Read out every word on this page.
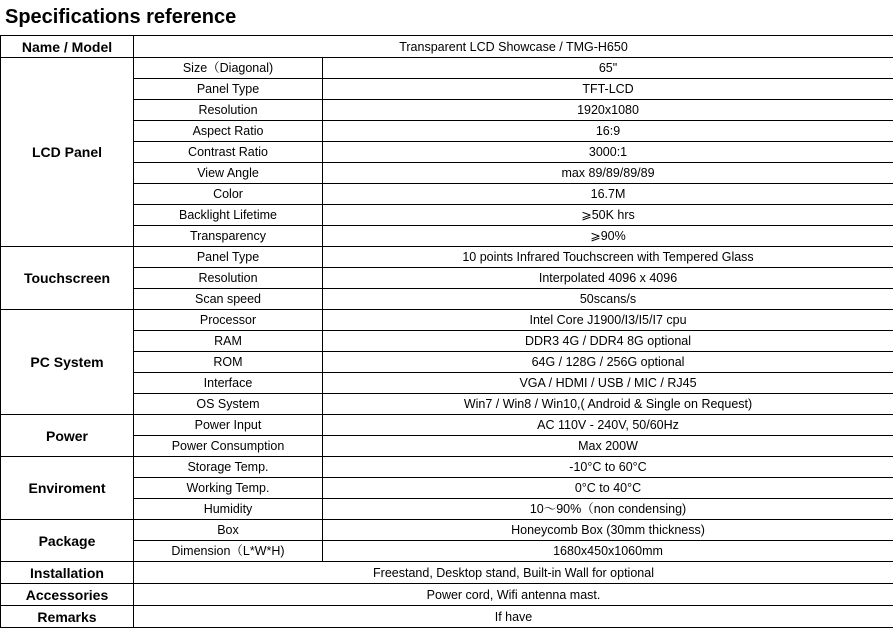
Specifications reference
Name / Model	Transparent LCD Showcase / TMG-H650	
LCD Panel	Size（Diagonal)	65"
	Panel Type	TFT-LCD
	Resolution	1920x1080
	Aspect Ratio	16:9
	Contrast Ratio	3000:1
	View Angle	max 89/89/89/89
	Color	16.7M
	Backlight Lifetime	⩾50K hrs
	Transparency	⩾90%
Touchscreen	Panel Type	10 points Infrared Touchscreen with Tempered Glass
	Resolution	Interpolated 4096 x 4096
	Scan speed	50scans/s
PC System	Processor	Intel Core J1900/I3/I5/I7 cpu
	RAM	DDR3 4G / DDR4 8G optional
	ROM	64G / 128G / 256G optional
	Interface	VGA / HDMI / USB / MIC / RJ45
	OS System	Win7 / Win8 / Win10,( Android & Single on Request)
Power	Power Input	AC 110V - 240V, 50/60Hz
	Power Consumption	Max 200W
Enviroment	Storage Temp.	-10°C to 60°C
	Working Temp.	0°C to 40°C
	Humidity	10～90%（non condensing)
Package	Box	Honeycomb Box (30mm thickness)
	Dimension（L*W*H)	1680x450x1060mm
Installation	Freestand, Desktop stand, Built-in Wall for optional	
Accessories	Power cord, Wifi antenna mast.	
Remarks	If have	
